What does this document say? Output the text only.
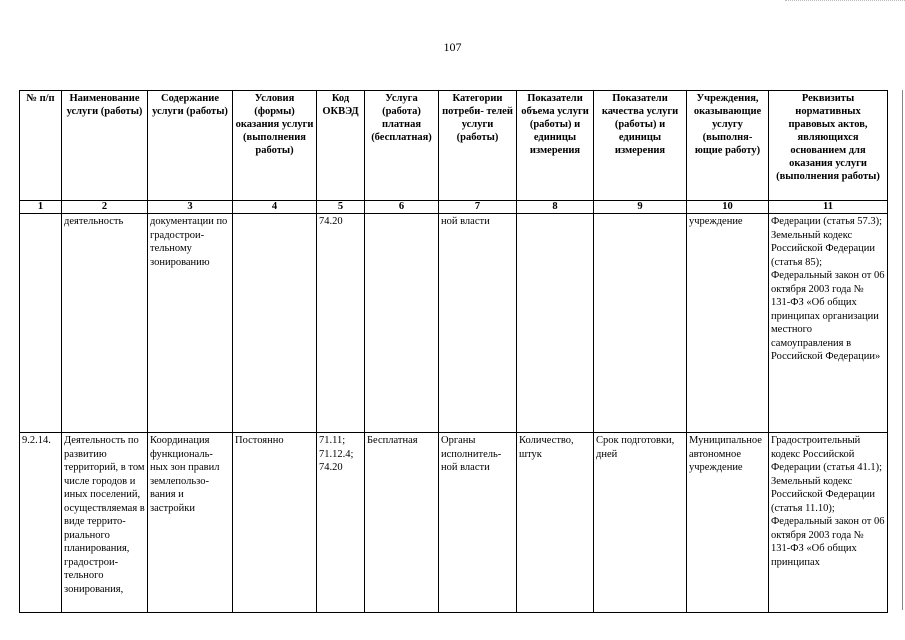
107
№ п/п	Наименование услуги (работы)	Содержание услуги (работы)	Условия (формы) оказания услуги (выполнения работы)	Код ОКВЭД	Услуга (работа) платная (бесплатная)	Категории потреби- телей услуги (работы)	Показатели объема услуги (работы) и единицы измерения	Показатели качества услуги (работы) и единицы измерения	Учреждения, оказывающие услугу (выполня- ющие работу)	Реквизиты нормативных правовых актов, являющихся основанием для оказания услуги (выполнения работы)
1	2	3	4	5	6	7	8	9	10	11
	деятельность	документации по градострои- тельному зонированию		74.20		ной власти			учреждение	Федерации (статья 57.3); Земельный кодекс Российской Федерации (статья 85); Федеральный закон от 06 октября 2003 года № 131-ФЗ «Об общих принципах организации местного самоуправления в Российской Федерации»
9.2.14.	Деятельность по развитию территорий, в том числе городов и иных поселений, осуществляемая в виде террито- риального планирования, градострои- тельного зонирования,	Координация функциональ- ных зон правил землепользо- вания и застройки	Постоянно	71.11; 71.12.4; 74.20	Бесплатная	Органы исполнитель- ной власти	Количество, штук	Срок подготовки, дней	Муниципальное автономное учреждение	Градостроительный кодекс Российской Федерации (статья 41.1); Земельный кодекс Российской Федерации (статья 11.10); Федеральный закон от 06 октября 2003 года № 131-ФЗ «Об общих принципах
